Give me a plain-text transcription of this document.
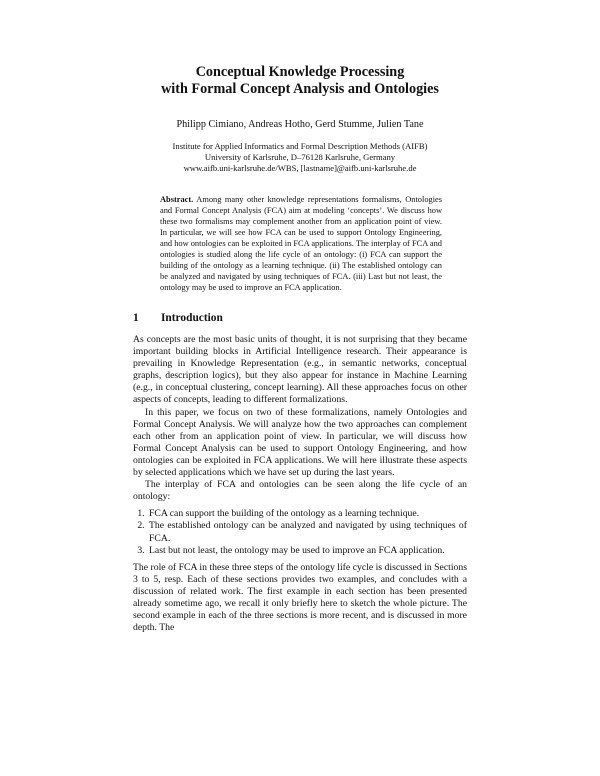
Conceptual Knowledge Processing
with Formal Concept Analysis and Ontologies
Philipp Cimiano, Andreas Hotho, Gerd Stumme, Julien Tane
Institute for Applied Informatics and Formal Description Methods (AIFB)
University of Karlsruhe, D–76128 Karlsruhe, Germany
www.aifb.uni-karlsruhe.de/WBS, [lastname]@aifb.uni-karlsruhe.de
Abstract. Among many other knowledge representations formalisms, Ontologies and Formal Concept Analysis (FCA) aim at modeling ‘concepts’. We discuss how these two formalisms may complement another from an application point of view. In particular, we will see how FCA can be used to support Ontology Engineering, and how ontologies can be exploited in FCA applications. The interplay of FCA and ontologies is studied along the life cycle of an ontology: (i) FCA can support the building of the ontology as a learning technique. (ii) The established ontology can be analyzed and navigated by using techniques of FCA. (iii) Last but not least, the ontology may be used to improve an FCA application.
1 Introduction

As concepts are the most basic units of thought, it is not surprising that they became important building blocks in Artificial Intelligence research. Their appearance is prevailing in Knowledge Representation (e.g., in semantic networks, conceptual graphs, description logics), but they also appear for instance in Machine Learning (e.g., in conceptual clustering, concept learning). All these approaches focus on other aspects of concepts, leading to different formalizations.

In this paper, we focus on two of these formalizations, namely Ontologies and Formal Concept Analysis. We will analyze how the two approaches can complement each other from an application point of view. In particular, we will discuss how Formal Concept Analysis can be used to support Ontology Engineering, and how ontologies can be exploited in FCA applications. We will here illustrate these aspects by selected applications which we have set up during the last years.

The interplay of FCA and ontologies can be seen along the life cycle of an ontology:

1. FCA can support the building of the ontology as a learning technique.
2. The established ontology can be analyzed and navigated by using techniques of FCA.
3. Last but not least, the ontology may be used to improve an FCA application.

The role of FCA in these three steps of the ontology life cycle is discussed in Sections 3 to 5, resp. Each of these sections provides two examples, and concludes with a discussion of related work. The first example in each section has been presented already sometime ago, we recall it only briefly here to sketch the whole picture. The second example in each of the three sections is more recent, and is discussed in more depth. The
